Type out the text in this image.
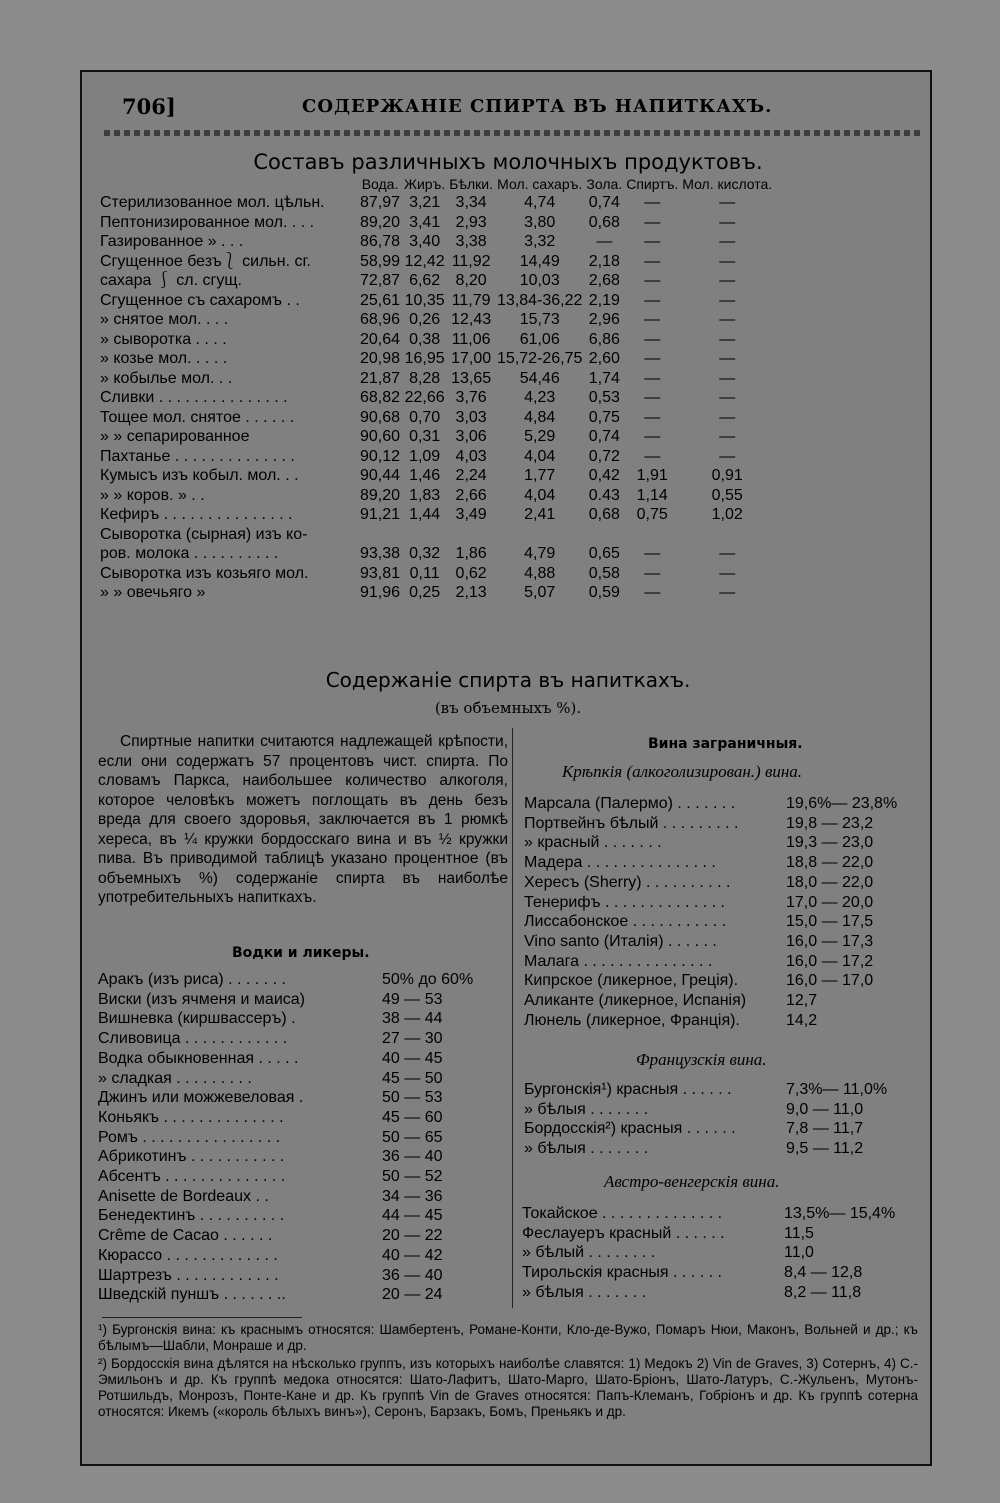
706]	СОДЕРЖАНІЕ СПИРТА ВЪ НАПИТКАХЪ.
Составъ различныхъ молочныхъ продуктовъ.
	Вода.	Жиръ.	Бѣлки.	Мол. сахаръ.	Зола.	Спиртъ.	Мол. кислота.
Стерилизованное мол. цѣльн.	87,97	3,21	3,34	4,74	0,74	—	—
Пептонизированное мол. . . .	89,20	3,41	2,93	3,80	0,68	—	—
Газированное » . . .	86,78	3,40	3,38	3,32	—	—	—
Сгущенное безъ⎱ сильн. сг.	58,99	12,42	11,92	14,49	2,18	—	—
сахара ⎰ сл. сгущ.	72,87	6,62	8,20	10,03	2,68	—	—
Сгущенное съ сахаромъ . .	25,61	10,35	11,79	13,84-36,22	2,19	—	—
» снятое мол. . . .	68,96	0,26	12,43	15,73	2,96	—	—
» сыворотка . . . .	20,64	0,38	11,06	61,06	6,86	—	—
» козье мол. . . . .	20,98	16,95	17,00	15,72-26,75	2,60	—	—
» кобылье мол. . .	21,87	8,28	13,65	54,46	1,74	—	—
Сливки . . . . . . . . . . . . . . .	68,82	22,66	3,76	4,23	0,53	—	—
Тощее мол. снятое . . . . . .	90,68	0,70	3,03	4,84	0,75	—	—
» » сепарированное	90,60	0,31	3,06	5,29	0,74	—	—
Пахтанье . . . . . . . . . . . . . .	90,12	1,09	4,03	4,04	0,72	—	—
Кумысъ изъ кобыл. мол. . .	90,44	1,46	2,24	1,77	0,42	1,91	0,91
» » коров. » . .	89,20	1,83	2,66	4,04	0.43	1,14	0,55
Кефиръ . . . . . . . . . . . . . . .	91,21	1,44	3,49	2,41	0,68	0,75	1,02
Сыворотка (сырная) изъ ко-							
ров. молока . . . . . . . . . .	93,38	0,32	1,86	4,79	0,65	—	—
Сыворотка изъ козьяго мол.	93,81	0,11	0,62	4,88	0,58	—	—
» » овечьяго »	91,96	0,25	2,13	5,07	0,59	—	—
Содержаніе спирта въ напиткахъ.
(въ объемныхъ %).
Спиртные напитки считаются надлежащей крѣпости, если они содержатъ 57 процентовъ чист. спирта. По словамъ Паркса, наибольшее количество алкоголя, которое человѣкъ можетъ поглощать въ день безъ вреда для своего здоровья, заключается въ 1 рюмкѣ хереса, въ ¼ кружки бордосскаго вина и въ ½ кружки пива. Въ приводимой таблицѣ указано процентное (въ объемныхъ %) содержаніе спирта въ наиболѣе употребительныхъ напиткахъ.
Водки и ликеры.
Аракъ (изъ риса) . . . . . . .	50% до 60%
Виски (изъ ячменя и маиса)	49 — 53
Вишневка (киршвассеръ) .	38 — 44
Сливовица . . . . . . . . . . . .	27 — 30
Водка обыкновенная . . . . .	40 — 45
» сладкая . . . . . . . . .	45 — 50
Джинъ или можжевеловая .	50 — 53
Коньякъ . . . . . . . . . . . . . .	45 — 60
Ромъ . . . . . . . . . . . . . . . .	50 — 65
Абрикотинъ . . . . . . . . . . .	36 — 40
Абсентъ . . . . . . . . . . . . . .	50 — 52
Anisette de Bordeaux . .	34 — 36
Бенедектинъ . . . . . . . . . .	44 — 45
Crême de Cacao . . . . . .	20 — 22
Кюрассо . . . . . . . . . . . . .	40 — 42
Шартрезъ . . . . . . . . . . . .	36 — 40
Шведскій пуншъ . . . . . . ..	20 — 24
Вина заграничныя.
Крѣпкія (алкоголизирован.) вина.
Марсала (Палермо) . . . . . . .	19,6%— 23,8%
Портвейнъ бѣлый . . . . . . . . .	19,8 — 23,2
» красный . . . . . . .	19,3 — 23,0
Мадера . . . . . . . . . . . . . . .	18,8 — 22,0
Хересъ (Sherry) . . . . . . . . . .	18,0 — 22,0
Тенерифъ . . . . . . . . . . . . . .	17,0 — 20,0
Лиссабонское . . . . . . . . . . .	15,0 — 17,5
Vino santo (Италія) . . . . . .	16,0 — 17,3
Малага . . . . . . . . . . . . . . .	16,0 — 17,2
Кипрское (ликерное, Греція).	16,0 — 17,0
Аликанте (ликерное, Испанія)	12,7
Люнель (ликерное, Франція).	14,2
Французскія вина.
Бургонскія¹) красныя . . . . . .	7,3%— 11,0%
» бѣлыя . . . . . . .	9,0 — 11,0
Бордосскія²) красныя . . . . . .	7,8 — 11,7
» бѣлыя . . . . . . .	9,5 — 11,2
Австро-венгерскія вина.
Токайское . . . . . . . . . . . . . .	13,5%— 15,4%
Феслауеръ красный . . . . . .	11,5
» бѣлый . . . . . . . .	11,0
Тирольскія красныя . . . . . .	8,4 — 12,8
» бѣлыя . . . . . . .	8,2 — 11,8
¹) Бургонскія вина: къ краснымъ относятся: Шамбертенъ, Романе-Конти, Кло-де-Вужо, Помаръ Нюи, Маконъ, Вольней и др.; къ бѣлымъ—Шабли, Монраше и др.
²) Бордосскія вина дѣлятся на нѣсколько группъ, изъ которыхъ наиболѣе славятся: 1) Медокъ 2) Vin de Graves, 3) Сотернъ, 4) С.-Эмильонъ и др. Къ группѣ медока относятся: Шато-Лафитъ, Шато-Марго, Шато-Бріонъ, Шато-Латуръ, С.-Жульенъ, Мутонъ-Ротшильдъ, Монрозъ, Понте-Кане и др. Къ группѣ Vin de Graves относятся: Папъ-Клеманъ, Гобріонъ и др. Къ группѣ сотерна относятся: Икемъ («король бѣлыхъ винъ»), Серонъ, Барзакъ, Бомъ, Преньякъ и др.
